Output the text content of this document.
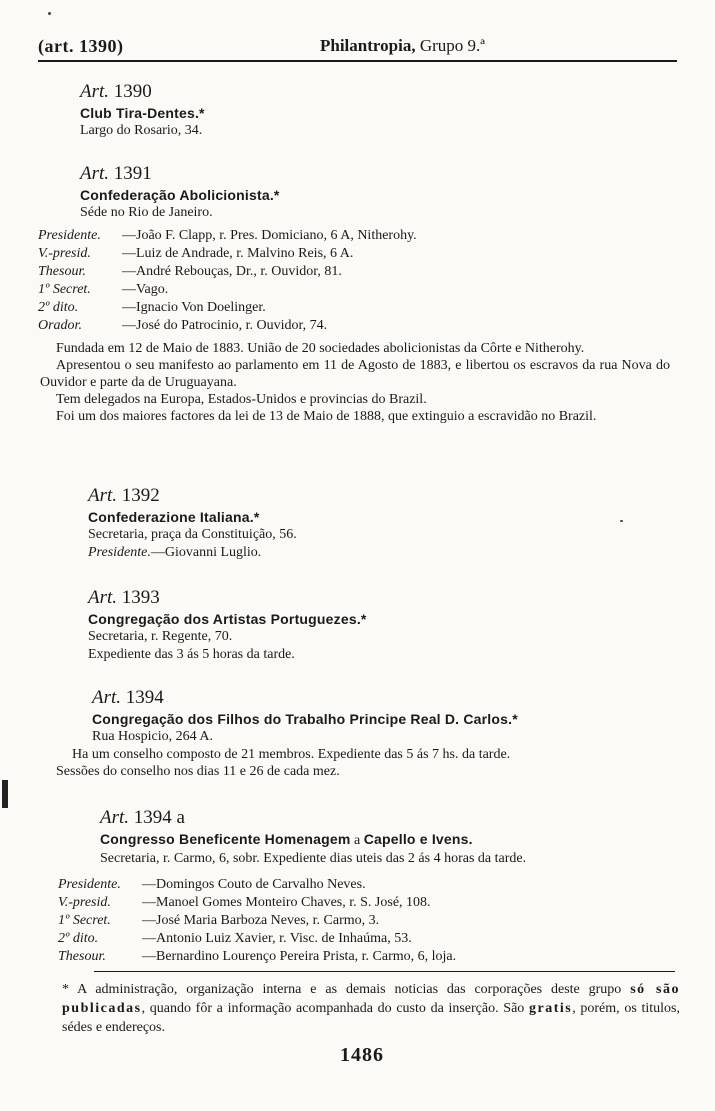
(art. 1390)	Philantropia, Grupo 9.ª
Art. 1390
Club Tira-Dentes.*
Largo do Rosario, 34.
Art. 1391
Confederação Abolicionista.*
Séde no Rio de Janeiro.
Presidente. —João F. Clapp, r. Pres. Domiciano, 6 A, Nitherohy.
V.-presid. —Luiz de Andrade, r. Malvino Reis, 6 A.
Thesour.	—André Rebouças, Dr., r. Ouvidor, 81.
1º Secret. —Vago.
2º dito.	—Ignacio Von Doelinger.
Orador.	—José do Patrocinio, r. Ouvidor, 74.
Fundada em 12 de Maio de 1883. União de 20 sociedades abolicionistas da Côrte e Nitherohy.
Apresentou o seu manifesto ao parlamento em 11 de Agosto de 1883, e libertou os escravos da rua Nova do Ouvidor e parte da de Uruguayana.
Tem delegados na Europa, Estados-Unidos e provincias do Brazil.
Foi um dos maiores factores da lei de 13 de Maio de 1888, que extinguio a escravidão no Brazil.
Art. 1392
Confederazione Italiana.*
Secretaria, praça da Constituição, 56.
Presidente.—Giovanni Luglio.
Art. 1393
Congregação dos Artistas Portuguezes.*
Secretaria, r. Regente, 70.
Expediente das 3 ás 5 horas da tarde.
Art. 1394
Congregação dos Filhos do Trabalho Principe Real D. Carlos.*
Rua Hospicio, 264 A.
Ha um conselho composto de 21 membros. Expediente das 5 ás 7 hs. da tarde.
Sessões do conselho nos dias 11 e 26 de cada mez.
Art. 1394 a
Congresso Beneficente Homenagem a Capello e Ivens.
Secretaria, r. Carmo, 6, sobr. Expediente dias uteis das 2 ás 4 horas da tarde.
Presidente. —Domingos Couto de Carvalho Neves.
V.-presid. —Manoel Gomes Monteiro Chaves, r. S. José, 108.
1º Secret. —José Maria Barboza Neves, r. Carmo, 3.
2º dito.	—Antonio Luiz Xavier, r. Visc. de Inhaúma, 53.
Thesour.	—Bernardino Lourenço Pereira Prista, r. Carmo, 6, loja.
* A administração, organização interna e as demais noticias das corporações deste grupo só são publicadas, quando fôr a informação acompanhada do custo da inserção. São gratis, porém, os titulos, sédes e endereços.
1486
